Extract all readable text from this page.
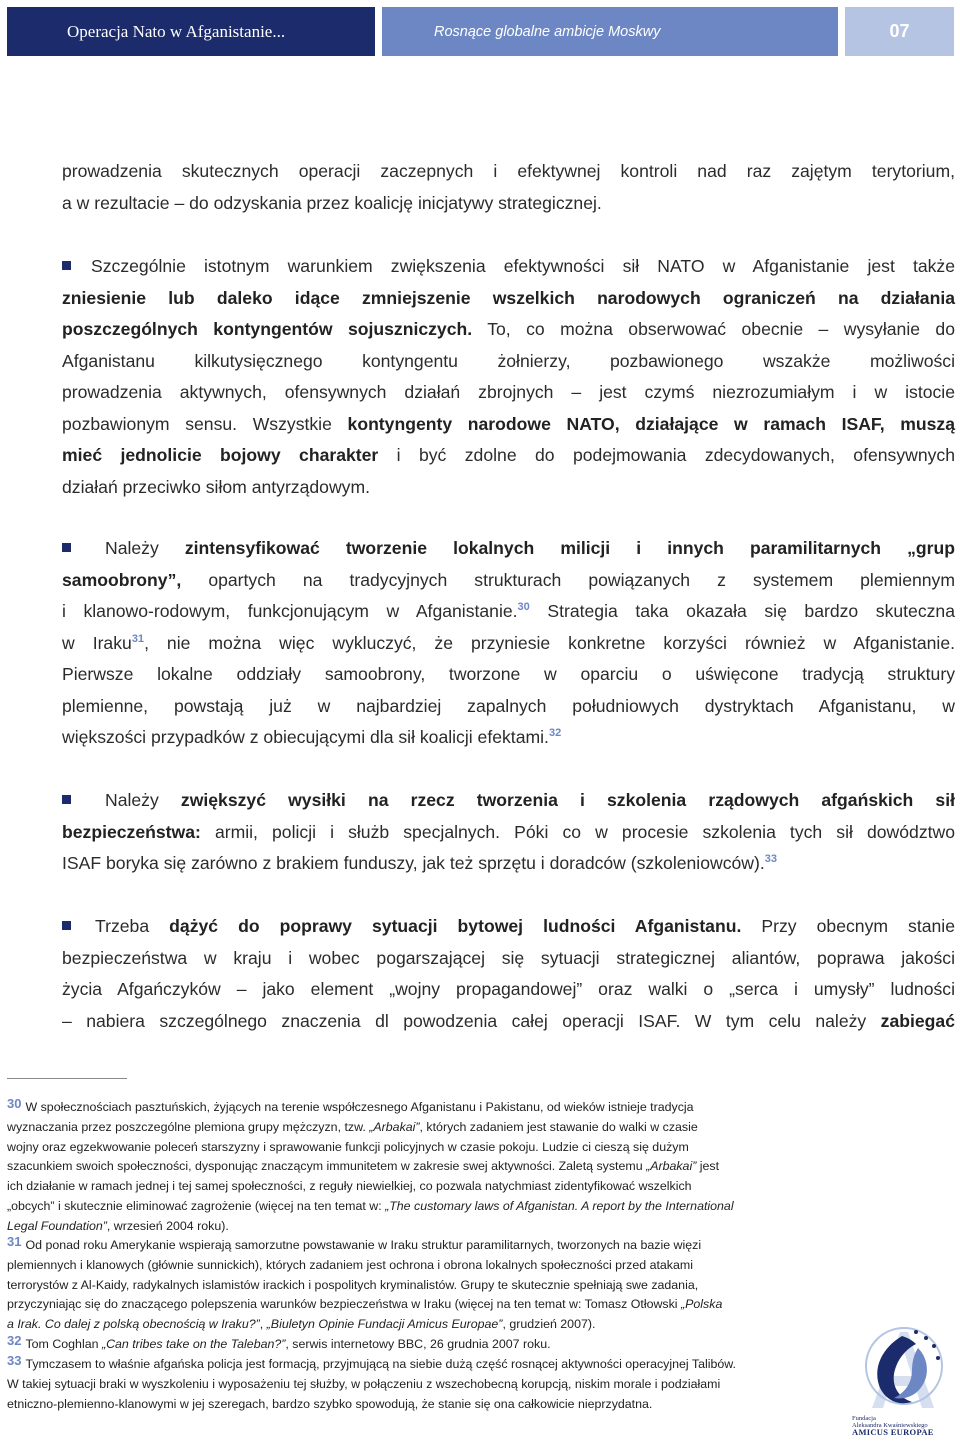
Operacja Nato w Afganistanie...	Rosnące globalne ambicje Moskwy	07
prowadzenia skutecznych operacji zaczepnych i efektywnej kontroli nad raz zajętym terytorium,
a w rezultacie – do odzyskania przez koalicję inicjatywy strategicznej.
Szczególnie istotnym warunkiem zwiększenia efektywności sił NATO w Afganistanie jest także
zniesienie lub daleko idące zmniejszenie wszelkich narodowych ograniczeń na działania
poszczególnych kontyngentów sojuszniczych. To, co można obserwować obecnie – wysyłanie do
Afganistanu kilkutysięcznego kontyngentu żołnierzy, pozbawionego wszakże możliwości
prowadzenia aktywnych, ofensywnych działań zbrojnych – jest czymś niezrozumiałym i w istocie
pozbawionym sensu. Wszystkie kontyngenty narodowe NATO, działające w ramach ISAF, muszą
mieć jednolicie bojowy charakter i być zdolne do podejmowania zdecydowanych, ofensywnych
działań przeciwko siłom antyrządowym.
Należy zintensyfikować tworzenie lokalnych milicji i innych paramilitarnych „grup
samoobrony”, opartych na tradycyjnych strukturach powiązanych z systemem plemiennym
i klanowo-rodowym, funkcjonującym w Afganistanie.$^{30}$ Strategia taka okazała się bardzo skuteczna
w Iraku$^{31}$, nie można więc wykluczyć, że przyniesie konkretne korzyści również w Afganistanie.
Pierwsze lokalne oddziały samoobrony, tworzone w oparciu o uświęcone tradycją struktury
plemienne, powstają już w najbardziej zapalnych południowych dystryktach Afganistanu, w
większości przypadków z obiecującymi dla sił koalicji efektami.$^{32}$
Należy zwiększyć wysiłki na rzecz tworzenia i szkolenia rządowych afgańskich sił
bezpieczeństwa: armii, policji i służb specjalnych. Póki co w procesie szkolenia tych sił dowództwo
ISAF boryka się zarówno z brakiem funduszy, jak też sprzętu i doradców (szkoleniowców).$^{33}$
Trzeba dążyć do poprawy sytuacji bytowej ludności Afganistanu. Przy obecnym stanie
bezpieczeństwa w kraju i wobec pogarszającej się sytuacji strategicznej aliantów, poprawa jakości
życia Afgańczyków – jako element „wojny propagandowej” oraz walki o „serca i umysły” ludności
– nabiera szczególnego znaczenia dl powodzenia całej operacji ISAF. W tym celu należy zabiegać
30 W społecznościach pasztuńskich, żyjących na terenie współczesnego Afganistanu i Pakistanu, od wieków istnieje tradycja
wyznaczania przez poszczególne plemiona grupy mężczyzn, tzw. „Arbakai”, których zadaniem jest stawanie do walki w czasie
wojny oraz egzekwowanie poleceń starszyzny i sprawowanie funkcji policyjnych w czasie pokoju. Ludzie ci cieszą się dużym
szacunkiem swoich społeczności, dysponując znaczącym immunitetem w zakresie swej aktywności. Zaletą systemu „Arbakai” jest
ich działanie w ramach jednej i tej samej społeczności, z reguły niewielkiej, co pozwala natychmiast zidentyfikować wszelkich
„obcych” i skutecznie eliminować zagrożenie (więcej na ten temat w: „The customary laws of Afganistan. A report by the International
Legal Foundation”, wrzesień 2004 roku).
31 Od ponad roku Amerykanie wspierają samorzutne powstawanie w Iraku struktur paramilitarnych, tworzonych na bazie więzi
plemiennych i klanowych (głównie sunnickich), których zadaniem jest ochrona i obrona lokalnych społeczności przed atakami
terrorystów z Al-Kaidy, radykalnych islamistów irackich i pospolitych kryminalistów. Grupy te skutecznie spełniają swe zadania,
przyczyniając się do znaczącego polepszenia warunków bezpieczeństwa w Iraku (więcej na ten temat w: Tomasz Otłowski „Polska
a Irak. Co dalej z polską obecnością w Iraku?”, „Biuletyn Opinie Fundacji Amicus Europae”, grudzień 2007).
32 Tom Coghlan „Can tribes take on the Taleban?”, serwis internetowy BBC, 26 grudnia 2007 roku.
33 Tymczasem to właśnie afgańska policja jest formacją, przyjmującą na siebie dużą część rosnącej aktywności operacyjnej Talibów.
W takiej sytuacji braki w wyszkoleniu i wyposażeniu tej służby, w połączeniu z wszechobecną korupcją, niskim morale i podziałami
etniczno-plemienno-klanowymi w jej szeregach, bardzo szybko spowodują, że stanie się ona całkowicie nieprzydatna.
Fundacja
Aleksandra Kwaśniewskiego
AMICUS EUROPAE
